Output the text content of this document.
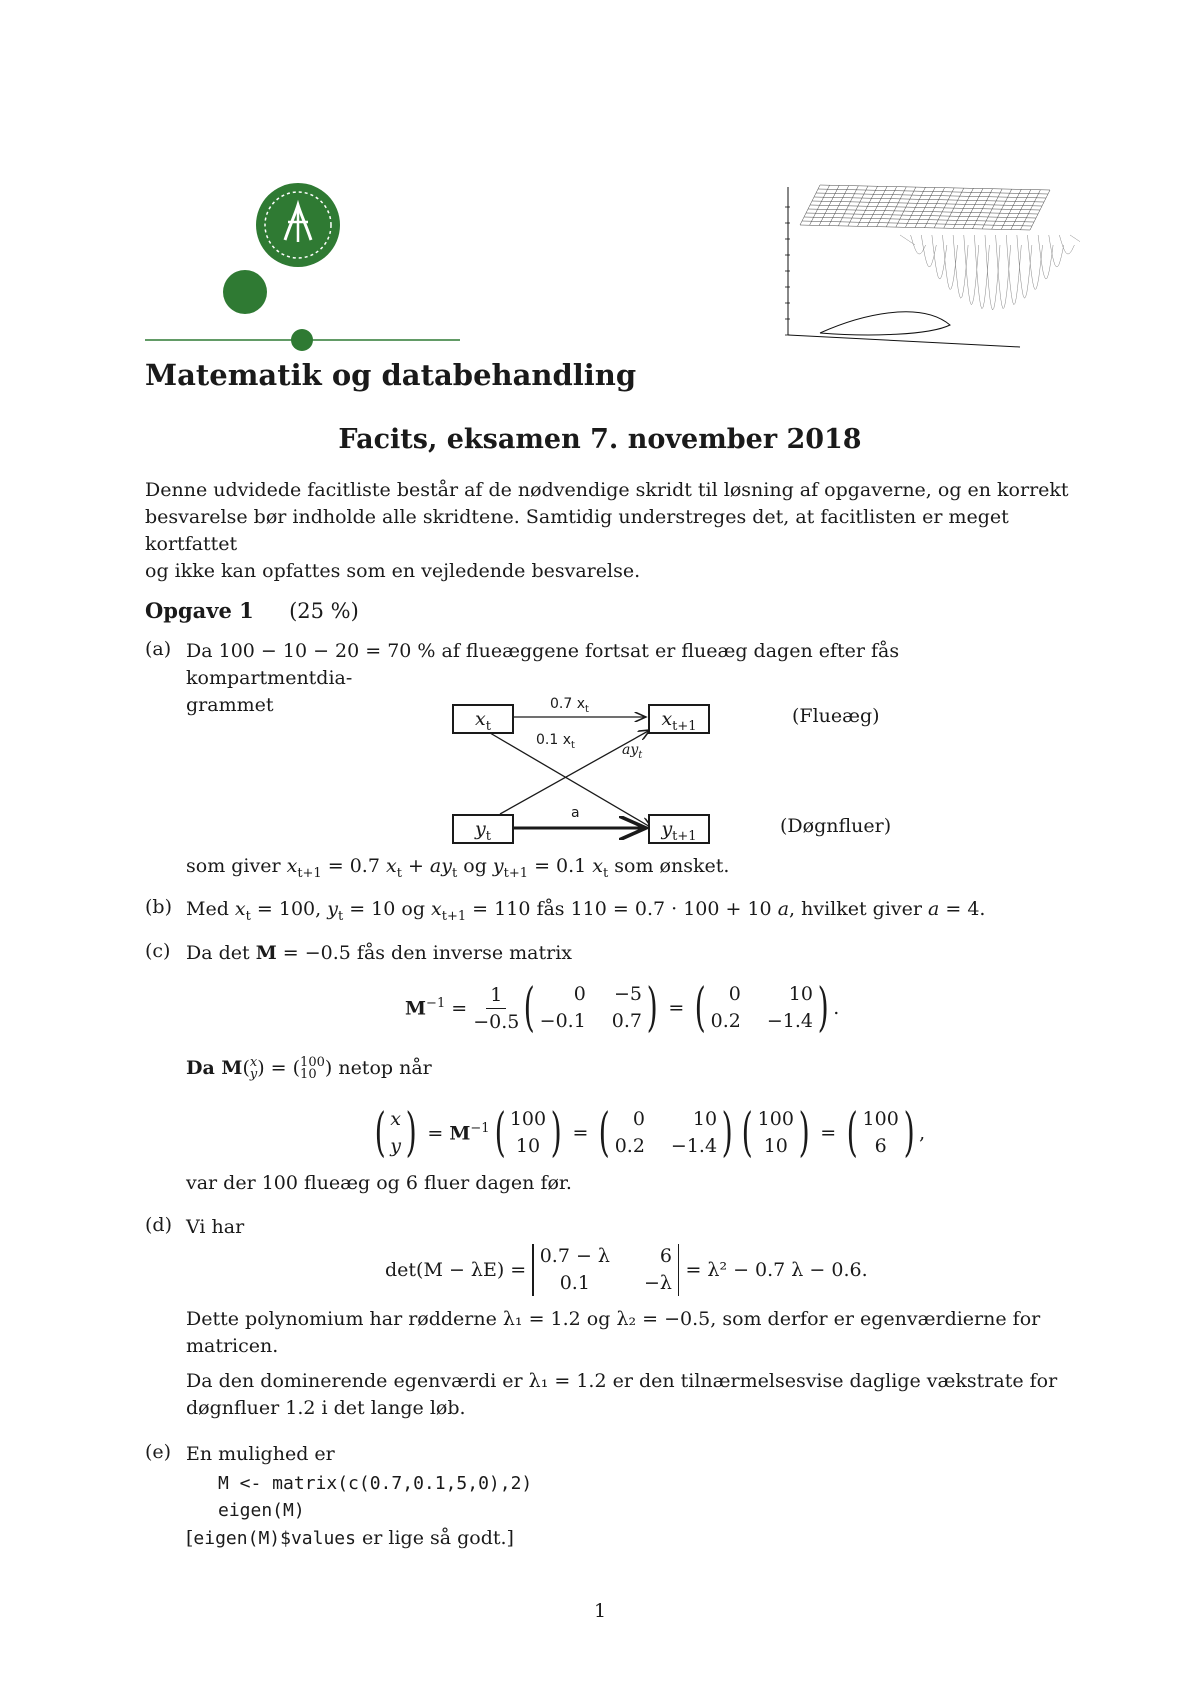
Matematik og databehandling
Facits, eksamen 7. november 2018
Denne udvidede facitliste består af de nødvendige skridt til løsning af opgaverne, og en korrekt
besvarelse bør indholde alle skridtene. Samtidig understreges det, at facitlisten er meget kortfattet
og ikke kan opfattes som en vejledende besvarelse.
Opgave 1 (25 %)
(a) Da 100 − 10 − 20 = 70 % af flueæggene fortsat er flueæg dagen efter fås kompartmentdia-
grammet
$x_t$	$x_{t+1}$
$y_t$	$y_{t+1}$
0.7 $x_t$
0.1 $x_t$	$ay_t$
a
(Flueæg)
(Døgnfluer)
som giver $x_{t+1} = 0.7$ $x_t + ay_t$ og $y_{t+1} = 0.1$ $x_t$ som ønsket.
(b) Med $x_t = 100$, $y_t = 10$ og $x_{t+1} = 110$ fås 110 = 0.7 · 100 + 10 a, hvilket giver a = 4.
(c) Da det M = −0.5 fås den inverse matrix
$M^{-1} = \frac{1}{-0.5}$ (	0 −5
−0.1 0.7 ) = (	0	10
0.2 −1.4 ) .
Da M( x
y ) = ( 100
10 ) netop når
( x
y ) = $M^{-1}$ ( 100
10 ) = (	0	10
0.2 −1.4 ) ( 100
10 ) = ( 100
6 ) ,
var der 100 flueæg og 6 fluer dagen før.
(d) Vi har
det(M − λE) =
0.7 − λ	6
0.1	−λ
= λ² − 0.7 λ − 0.6.
Dette polynomium har rødderne λ₁ = 1.2 og λ₂ = −0.5, som derfor er egenværdierne for
matricen.
Da den dominerende egenværdi er λ₁ = 1.2 er den tilnærmelsesvise daglige vækstrate for
døgnfluer 1.2 i det lange løb.
(e) En mulighed er
M <- matrix(c(0.7,0.1,5,0),2)
eigen(M)
[eigen(M)$values er lige så godt.]
1
